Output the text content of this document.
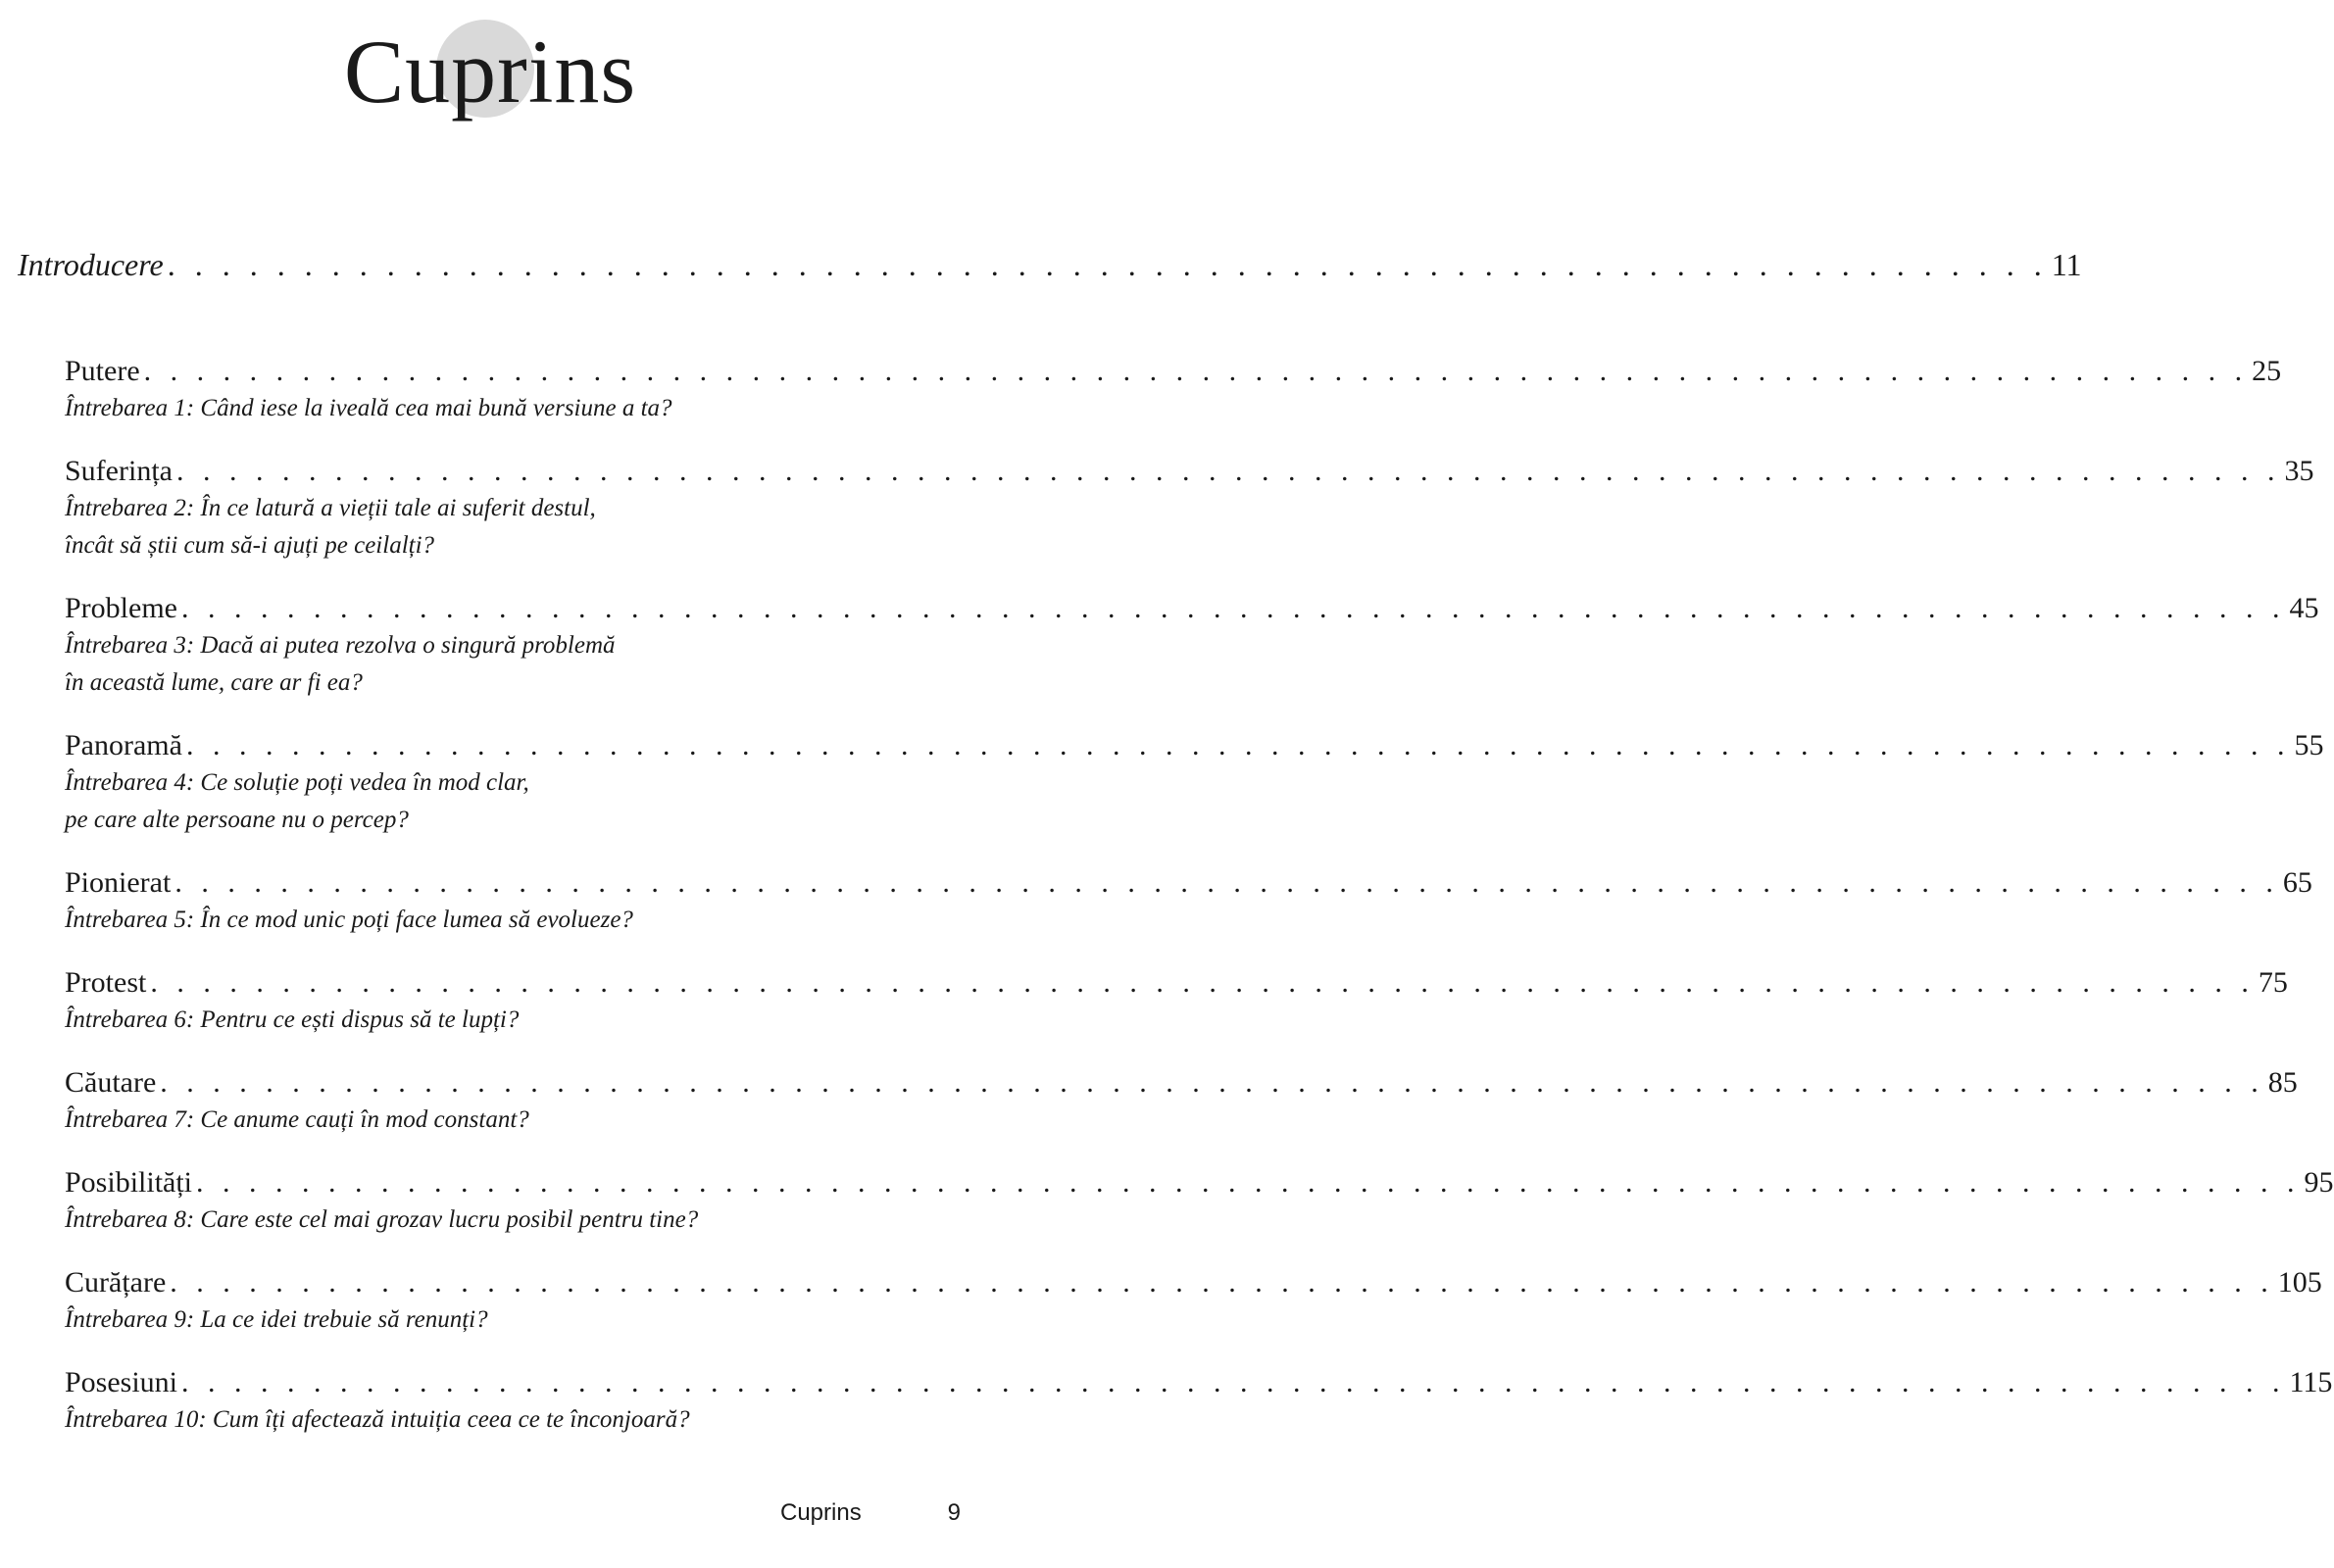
Cuprins
Introducere . . . . . . . . . . . . . . . . . . . . . . . . . . . . . . . . . . . . . . . . . . . . . . . . . . . . . . . . . . . . . . . . . . . . . 11
Putere . . . . . . . . . . . . . . . . . . . . . . . . . . . . . . . . . . . . . . . . . . . . . . . . . . . . . . . . . . . . . . . . . . . . . . . . . . . . . . . . 25

Întrebarea 1: Când iese la iveală cea mai bună versiune a ta?

Suferința . . . . . . . . . . . . . . . . . . . . . . . . . . . . . . . . . . . . . . . . . . . . . . . . . . . . . . . . . . . . . . . . . . . . . . . . . . . . . . . . 35

Întrebarea 2: În ce latură a vieții tale ai suferit destul,

încât să știi cum să-i ajuți pe ceilalți?

Probleme . . . . . . . . . . . . . . . . . . . . . . . . . . . . . . . . . . . . . . . . . . . . . . . . . . . . . . . . . . . . . . . . . . . . . . . . . . . . . . . . 45

Întrebarea 3: Dacă ai putea rezolva o singură problemă

în această lume, care ar fi ea?

Panoramă . . . . . . . . . . . . . . . . . . . . . . . . . . . . . . . . . . . . . . . . . . . . . . . . . . . . . . . . . . . . . . . . . . . . . . . . . . . . . . . . 55

Întrebarea 4: Ce soluție poți vedea în mod clar,

pe care alte persoane nu o percep?

Pionierat . . . . . . . . . . . . . . . . . . . . . . . . . . . . . . . . . . . . . . . . . . . . . . . . . . . . . . . . . . . . . . . . . . . . . . . . . . . . . . . . 65

Întrebarea 5: În ce mod unic poți face lumea să evolueze?

Protest . . . . . . . . . . . . . . . . . . . . . . . . . . . . . . . . . . . . . . . . . . . . . . . . . . . . . . . . . . . . . . . . . . . . . . . . . . . . . . . . 75

Întrebarea 6: Pentru ce ești dispus să te lupți?

Căutare . . . . . . . . . . . . . . . . . . . . . . . . . . . . . . . . . . . . . . . . . . . . . . . . . . . . . . . . . . . . . . . . . . . . . . . . . . . . . . . . 85

Întrebarea 7: Ce anume cauți în mod constant?

Posibilități . . . . . . . . . . . . . . . . . . . . . . . . . . . . . . . . . . . . . . . . . . . . . . . . . . . . . . . . . . . . . . . . . . . . . . . . . . . . . . . . 95

Întrebarea 8: Care este cel mai grozav lucru posibil pentru tine?

Curățare . . . . . . . . . . . . . . . . . . . . . . . . . . . . . . . . . . . . . . . . . . . . . . . . . . . . . . . . . . . . . . . . . . . . . . . . . . . . . . . . 105

Întrebarea 9: La ce idei trebuie să renunți?

Posesiuni . . . . . . . . . . . . . . . . . . . . . . . . . . . . . . . . . . . . . . . . . . . . . . . . . . . . . . . . . . . . . . . . . . . . . . . . . . . . . . . . 115

Întrebarea 10: Cum îți afectează intuiția ceea ce te înconjoară?

Cuprins	9
